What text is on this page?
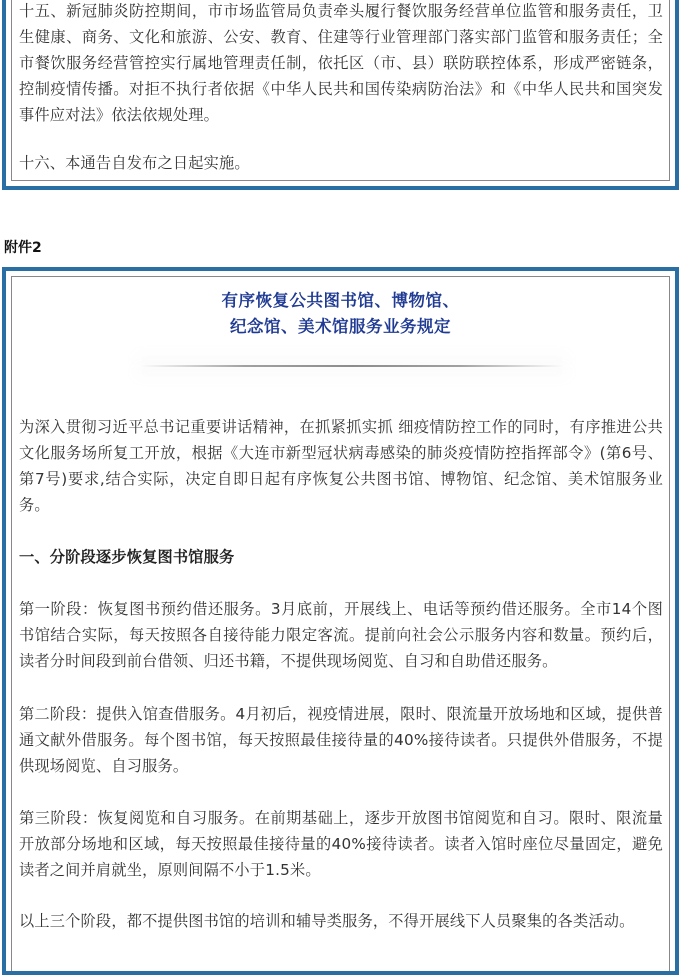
十五、新冠肺炎防控期间，市市场监管局负责牵头履行餐饮服务经营单位监管和服务责任，卫生健康、商务、文化和旅游、公安、教育、住建等行业管理部门落实部门监管和服务责任；全市餐饮服务经营管控实行属地管理责任制，依托区（市、县）联防联控体系，形成严密链条，控制疫情传播。对拒不执行者依据《中华人民共和国传染病防治法》和《中华人民共和国突发事件应对法》依法依规处理。

十六、本通告自发布之日起实施。

附件2
有序恢复公共图书馆、博物馆、
纪念馆、美术馆服务业务规定

为深入贯彻习近平总书记重要讲话精神，在抓紧抓实抓 细疫情防控工作的同时，有序推进公共文化服务场所复工开放，根据《大连市新型冠状病毒感染的肺炎疫情防控指挥部令》(第6号、第7号)要求,结合实际，决定自即日起有序恢复公共图书馆、博物馆、纪念馆、美术馆服务业务。

一、分阶段逐步恢复图书馆服务

第一阶段：恢复图书预约借还服务。3月底前，开展线上、电话等预约借还服务。全市14个图书馆结合实际，每天按照各自接待能力限定客流。提前向社会公示服务内容和数量。预约后，读者分时间段到前台借领、归还书籍，不提供现场阅览、自习和自助借还服务。

第二阶段：提供入馆查借服务。4月初后，视疫情进展，限时、限流量开放场地和区域，提供普通文献外借服务。每个图书馆，每天按照最佳接待量的40%接待读者。只提供外借服务，不提供现场阅览、自习服务。

第三阶段：恢复阅览和自习服务。在前期基础上，逐步开放图书馆阅览和自习。限时、限流量开放部分场地和区域，每天按照最佳接待量的40%接待读者。读者入馆时座位尽量固定，避免读者之间并肩就坐，原则间隔不小于1.5米。

以上三个阶段，都不提供图书馆的培训和辅导类服务，不得开展线下人员聚集的各类活动。
